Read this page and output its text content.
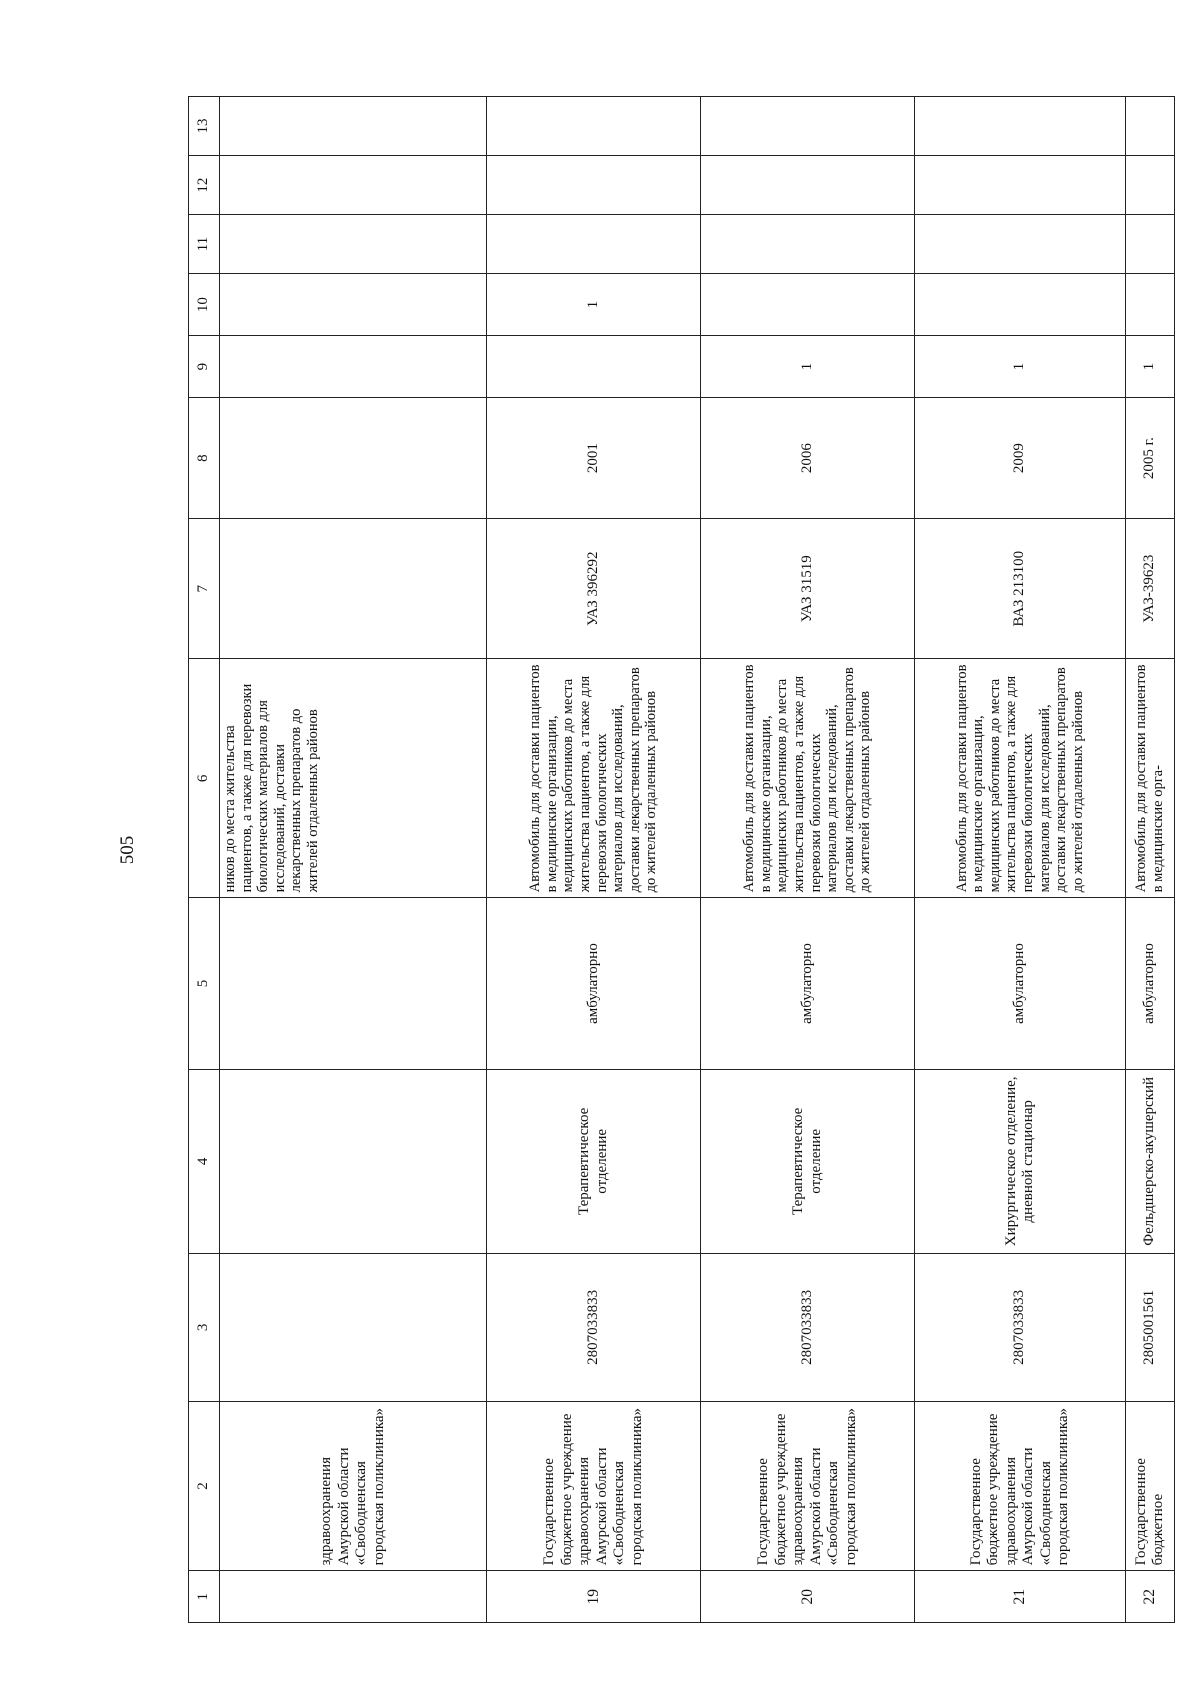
505
1	2	3	4	5	6	7	8	9	10	11	12	13
	здравоохранения Амурской области «Свободненская городская поликлиника»				ников до места жительства пациентов, а также для перевозки биологических материалов для исследований, доставки лекарственных препаратов до жителей отдаленных районов							
19	Государственное бюджетное учреждение здравоохранения Амурской области «Свободненская городская поликлиника»	2807033833	Терапевтическое отделение	амбулаторно	Автомобиль для доставки пациентов в медицинские организации, медицинских работников до места жительства пациентов, а также для перевозки биологических материалов для исследований, доставки лекарственных препаратов до жителей отдаленных районов	УАЗ 396292	2001		1			
20	Государственное бюджетное учреждение здравоохранения Амурской области «Свободненская городская поликлиника»	2807033833	Терапевтическое отделение	амбулаторно	Автомобиль для доставки пациентов в медицинские организации, медицинских работников до места жительства пациентов, а также для перевозки биологических материалов для исследований, доставки лекарственных препаратов до жителей отдаленных районов	УАЗ 31519	2006	1				
21	Государственное бюджетное учреждение здравоохранения Амурской области «Свободненская городская поликлиника»	2807033833	Хирургическое отделение, дневной стационар	амбулаторно	Автомобиль для доставки пациентов в медицинские организации, медицинских работников до места жительства пациентов, а также для перевозки биологических материалов для исследований, доставки лекарственных препаратов до жителей отдаленных районов	ВАЗ 213100	2009	1				
22	Государственное бюджетное	2805001561	Фельдшерско-акушерский	амбулаторно	Автомобиль для доставки пациентов в медицинские орга-	УАЗ-39623	2005 г.	1				
